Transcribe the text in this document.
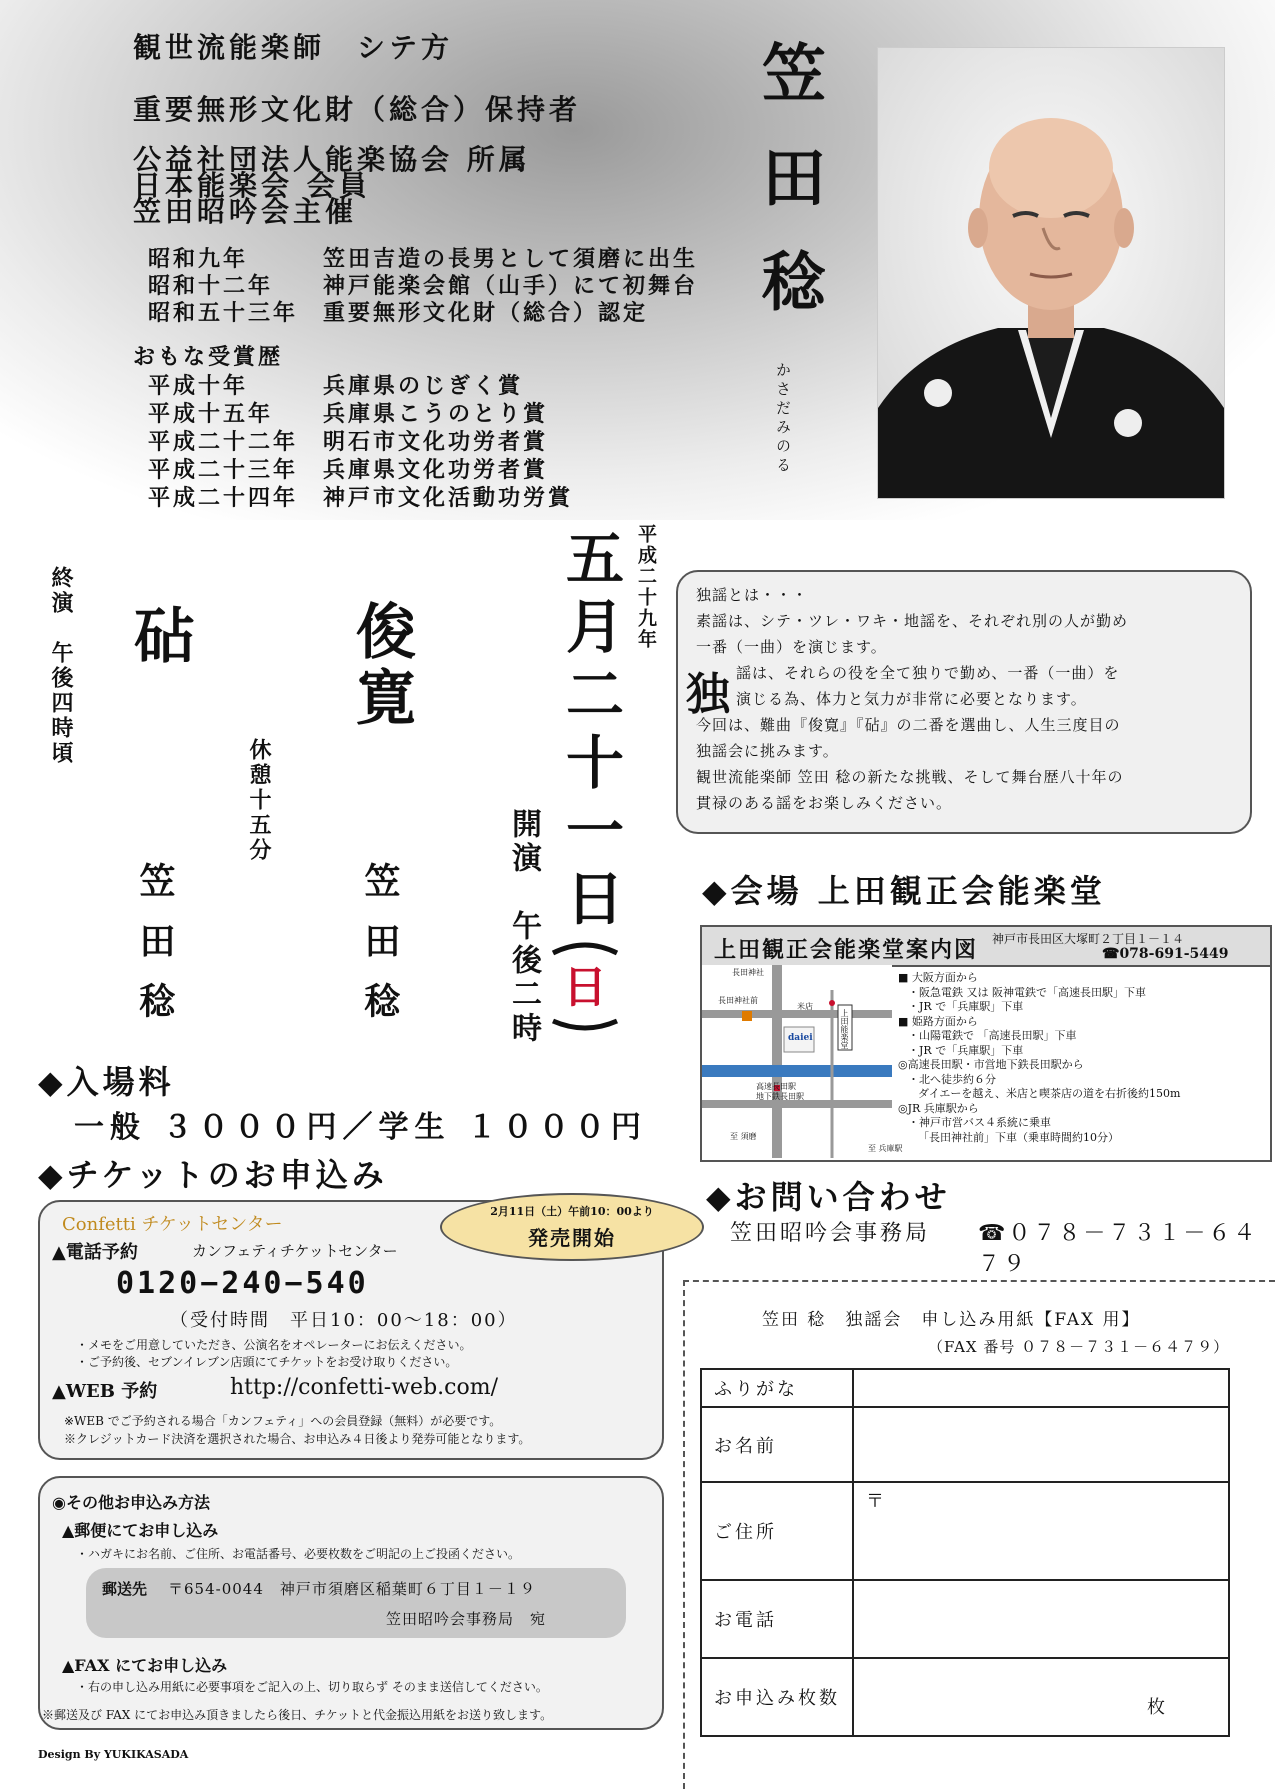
観世流能楽師　シテ方
重要無形文化財（総合）保持者
公益社団法人能楽協会 所属
日本能楽会 会員
笠田昭吟会主催
昭和九年	笠田吉造の長男として須磨に出生
昭和十二年 神戸能楽会館（山手）にて初舞台
昭和五十三年 重要無形文化財（総合）認定
おもな受賞歴
平成十年	兵庫県のじぎく賞
平成十五年 兵庫県こうのとり賞
平成二十二年 明石市文化功労者賞
平成二十三年 兵庫県文化功労者賞
平成二十四年 神戸市文化活動功労賞
笠田稔
かさだみのる
平成二十九年
五月二十一日
日
開演　午後二時
俊寛
笠田稔
休憩十五分
砧
笠田稔
終演　午後四時頃	独謡とは・・・
素謡は、シテ・ツレ・ワキ・地謡を、それぞれ別の人が勤め
一番（一曲）を演じます。
独 謡は、それらの役を全て独りで勤め、一番（一曲）を
演じる為、体力と気力が非常に必要となります。
今回は、難曲『俊寛』『砧』の二番を選曲し、人生三度目の
独謡会に挑みます。
観世流能楽師 笠田 稔の新たな挑戦、そして舞台歴八十年の
貫禄のある謡をお楽しみください。
◆会場 上田観正会能楽堂
上田観正会能楽堂案内図 神戸市長田区大塚町２丁目１－１４
☎078-691-5449
長田神社
長田神社前
米店
daiei	上田能楽堂
高速長田駅
地下鉄長田駅
至 須磨
至 兵庫駅
■ 大阪方面から
・阪急電鉄 又は 阪神電鉄で「高速長田駅」下車
・JR で「兵庫駅」下車
■ 姫路方面から
・山陽電鉄で 「高速長田駅」下車
・JR で「兵庫駅」下車
◎高速長田駅・市営地下鉄長田駅から
・北へ徒歩約６分
ダイエーを越え、米店と喫茶店の道を右折後約150m
◎JR 兵庫駅から
・神戸市営バス４系統に乗車
「長田神社前」下車（乗車時間約10分）
◆入場料
一般 ３０００円／学生 １０００円
◆チケットのお申込み
Confetti チケットセンター
▲電話予約	カンフェティチケットセンター
0120−240−540
（受付時間　平日10：00〜18：00）
・メモをご用意していただき、公演名をオペレーターにお伝えください。
・ご予約後、セブンイレブン店頭にてチケットをお受け取りください。
▲WEB 予約	http://confetti-web.com/
※WEB でご予約される場合「カンフェティ」への会員登録（無料）が必要です。
※クレジットカード決済を選択された場合、お申込み４日後より発券可能となります。
2月11日（土）午前10：00より
発売開始
◉その他お申込み方法
▲郵便にてお申し込み
・ハガキにお名前、ご住所、お電話番号、必要枚数をご明記の上ご投函ください。
郵送先 〒654-0044　神戸市須磨区稲葉町６丁目１－１９
笠田昭吟会事務局　宛
▲FAX にてお申し込み
・右の申し込み用紙に必要事項をご記入の上、切り取らず そのまま送信してください。
※郵送及び FAX にてお申込み頂きましたら後日、チケットと代金振込用紙をお送り致します。
Design By YUKIKASADA
◆お問い合わせ
笠田昭吟会事務局 ☎０７８－７３１－６４７９
笠田 稔　独謡会　申し込み用紙【FAX 用】
（FAX 番号 ０７８－７３１－６４７９）
ふりがな	
お名前	
ご住所	〒
お電話	
お申込み枚数	枚
